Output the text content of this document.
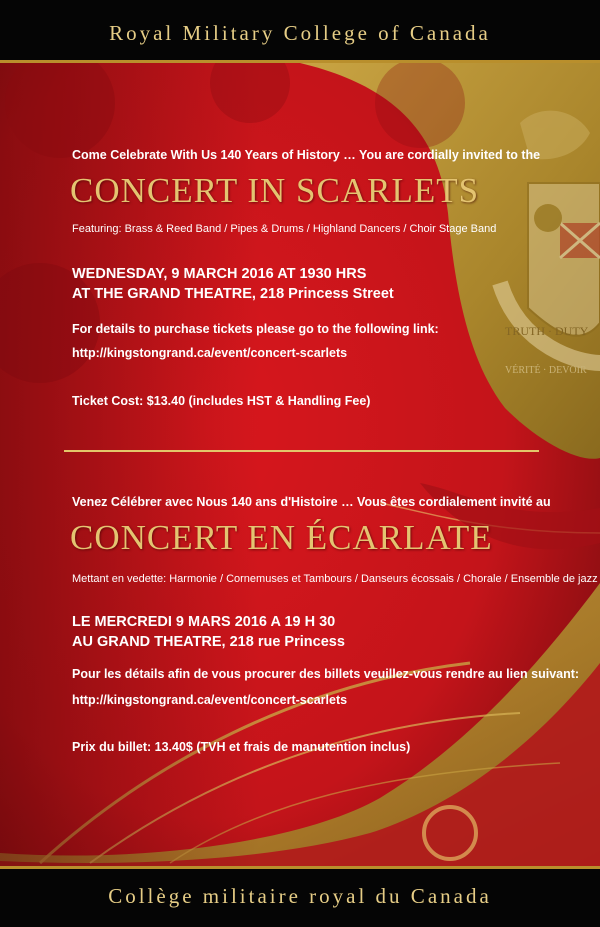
Royal Military College of Canada
TRUTH · DUTY
VÉRITÉ · DEVOIR
Come Celebrate With Us 140 Years of History … You are cordially invited to the
CONCERT IN SCARLETS
Featuring: Brass & Reed Band / Pipes & Drums / Highland Dancers / Choir Stage Band
WEDNESDAY, 9 MARCH 2016 AT 1930 HRS
AT THE GRAND THEATRE, 218 Princess Street
For details to purchase tickets please go to the following link:
http://kingstongrand.ca/event/concert-scarlets
Ticket Cost: $13.40 (includes HST & Handling Fee)
Venez Célébrer avec Nous 140 ans d'Histoire … Vous êtes cordialement invité au
CONCERT EN ÉCARLATE
Mettant en vedette: Harmonie / Cornemuses et Tambours / Danseurs écossais / Chorale / Ensemble de jazz
LE MERCREDI 9 MARS 2016 A 19 H 30
AU GRAND THEATRE, 218 rue Princess
Pour les détails afin de vous procurer des billets veuillez-vous rendre au lien suivant:
http://kingstongrand.ca/event/concert-scarlets
Prix du billet: 13.40$ (TVH et frais de manutention inclus)
Collège militaire royal du Canada
